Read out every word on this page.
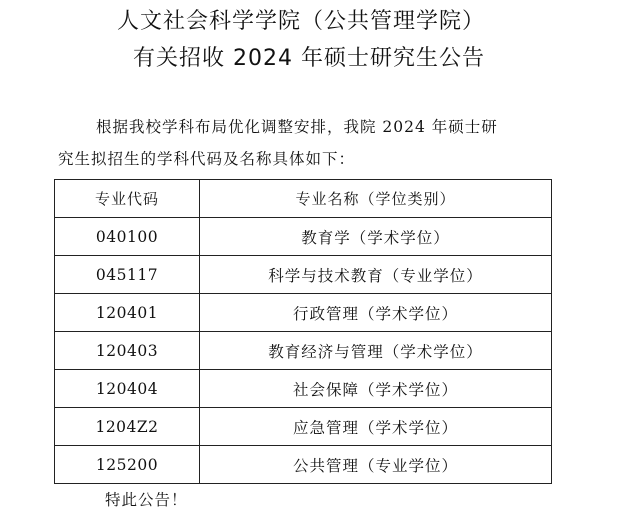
人文社会科学学院（公共管理学院）
有关招收 2024 年硕士研究生公告
根据我校学科布局优化调整安排，我院 2024 年硕士研
究生拟招生的学科代码及名称具体如下：
专业代码	专业名称（学位类别）
040100	教育学（学术学位）
045117	科学与技术教育（专业学位）
120401	行政管理（学术学位）
120403	教育经济与管理（学术学位）
120404	社会保障（学术学位）
1204Z2	应急管理（学术学位）
125200	公共管理（专业学位）
特此公告！
